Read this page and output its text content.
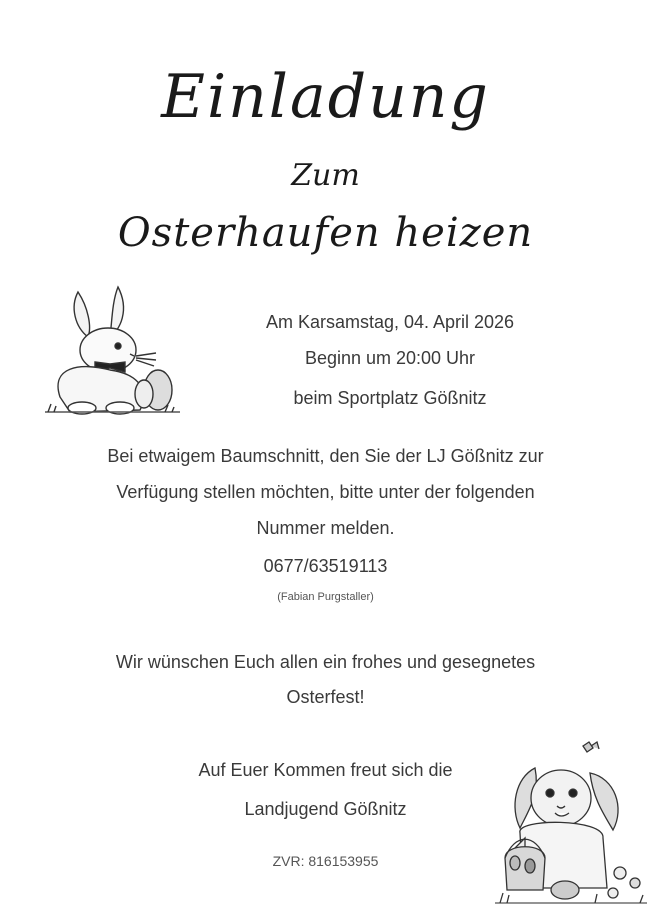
Einladung
Zum
Osterhaufen heizen
Am Karsamstag, 04. April 2026
Beginn um 20:00 Uhr
beim Sportplatz Gößnitz
Bei etwaigem Baumschnitt, den Sie der LJ Gößnitz zur
Verfügung stellen möchten, bitte unter der folgenden
Nummer melden.
0677/63519113
(Fabian Purgstaller)
Wir wünschen Euch allen ein frohes und gesegnetes
Osterfest!
Auf Euer Kommen freut sich die
Landjugend Gößnitz
ZVR: 816153955
